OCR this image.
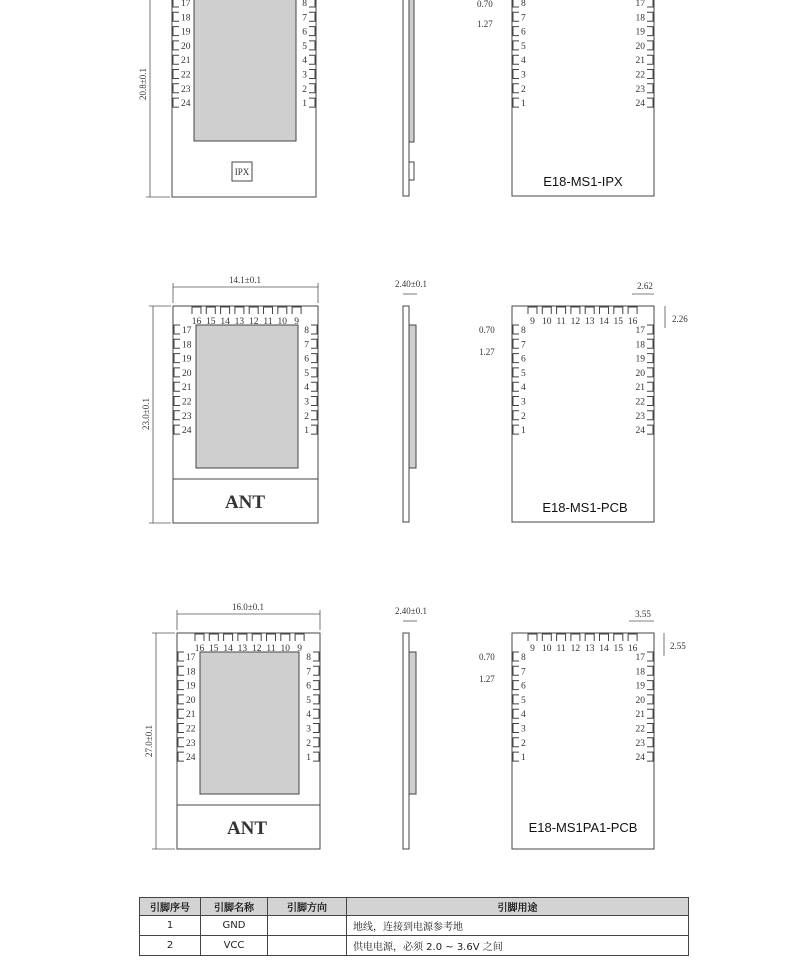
IPX
17
18
19
20
21
22
23
24
8
7
6
5
4
3
2
1
20.8±0.1
0.70
1.27
8
7
6
5
4
3
2
1
17
18
19
20
21
22
23
24
E18-MS1-IPX
14.1±0.1
ANT
23.0±0.1
16 15 14 13 12 11 10 9
17
18
19
20
21
22
23
24
8
7
6
5
4
3
2
1
2.40±0.1	2.62
2.26
0.70
1.27
9 10 11 12 13 14 15 16
8
7
6
5
4
3
2
1
17
18
19
20
21
22
23
24
E18-MS1-PCB
16.0±0.1
ANT
27.0±0.1
16 15 14 13 12 11 10 9
17
18
19
20
21
22
23
24
8
7
6
5
4
3
2
1
2.40±0.1	3.55
2.55
0.70
1.27
9 10 11 12 13 14 15 16
8
7
6
5
4
3
2
1
17
18
19
20
21
22
23
24
E18-MS1PA1-PCB
引脚序号	引脚名称	引脚方向	引脚用途
1	GND		地线，连接到电源参考地
2	VCC		供电电源，必须 2.0 ~ 3.6V 之间
